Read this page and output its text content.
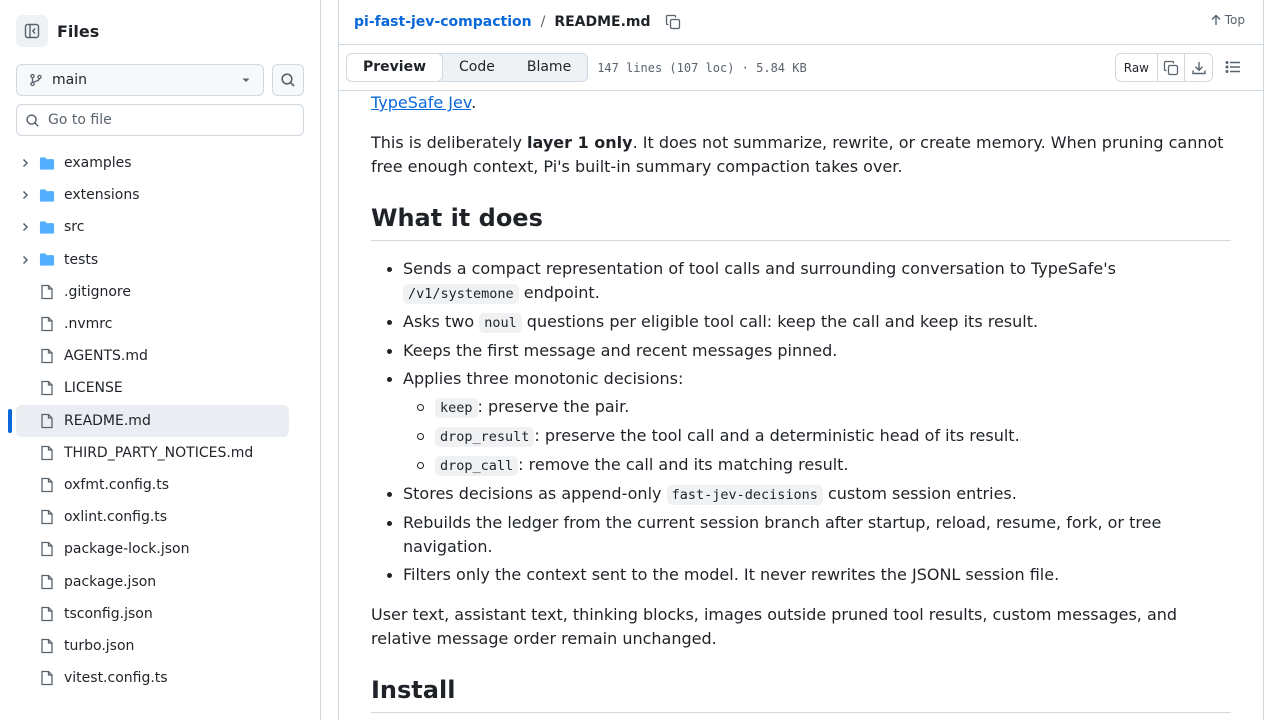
Files
main
Go to file
examples
extensions
src
tests
.gitignore
.nvmrc
AGENTS.md
LICENSE
README.md
THIRD_PARTY_NOTICES.md
oxfmt.config.ts
oxlint.config.ts
package-lock.json
package.json
tsconfig.json
turbo.json
vitest.config.ts
pi-fast-jev-compaction / README.md	Top
Preview	Code	Blame	147 lines (107 loc) · 5.84 KB	Raw

TypeSafe Jev.

This is deliberately layer 1 only. It does not summarize, rewrite, or create memory. When pruning cannot free enough context, Pi's built-in summary compaction takes over.

What it does
Sends a compact representation of tool calls and surrounding conversation to TypeSafe's /v1/systemone endpoint.
Asks two noul questions per eligible tool call: keep the call and keep its result.
Keeps the first message and recent messages pinned.
Applies three monotonic decisions:
keep : preserve the pair.
drop_result : preserve the tool call and a deterministic head of its result.
drop_call : remove the call and its matching result.
Stores decisions as append-only fast-jev-decisions custom session entries.
Rebuilds the ledger from the current session branch after startup, reload, resume, fork, or tree navigation.
Filters only the context sent to the model. It never rewrites the JSONL session file.

User text, assistant text, thinking blocks, images outside pruned tool results, custom messages, and relative message order remain unchanged.

Install
